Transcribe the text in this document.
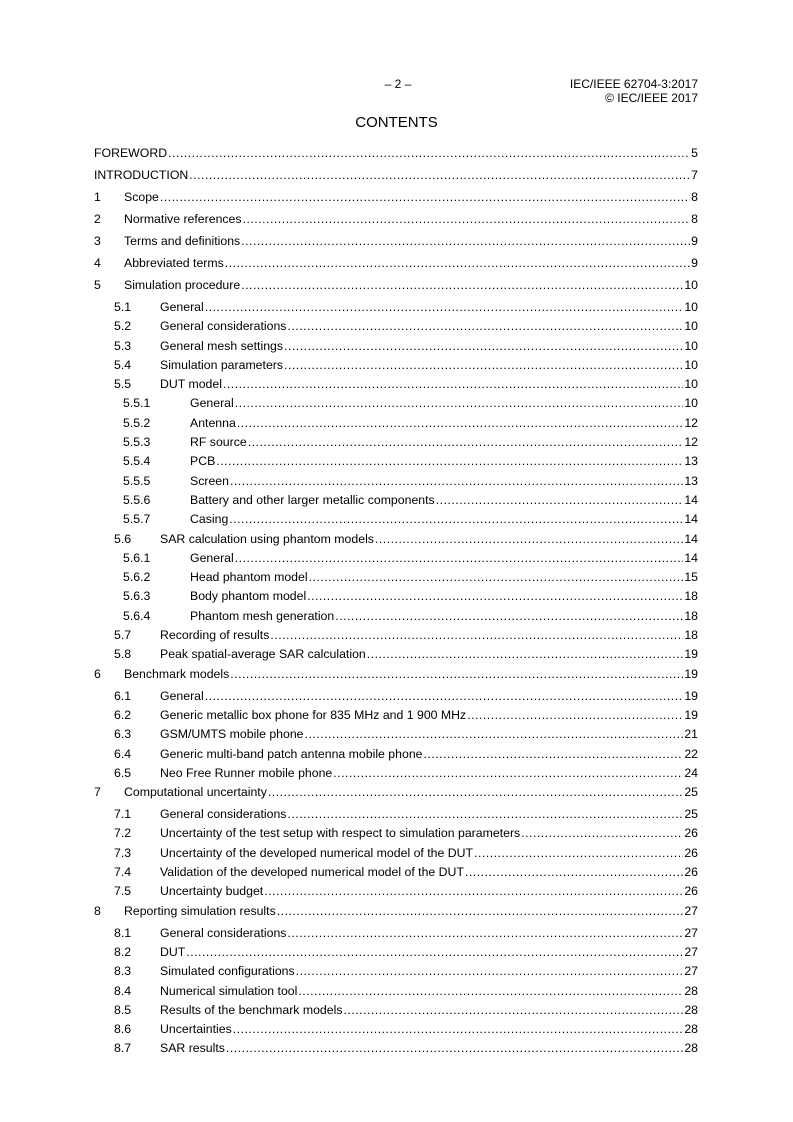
– 2 –	IEC/IEEE 62704-3:2017
© IEC/IEEE 2017
CONTENTS
FOREWORD .....	5
INTRODUCTION .....	7
1	Scope .....	8
2	Normative references .....	8
3	Terms and definitions .....	9
4	Abbreviated terms .....	9
5	Simulation procedure .....	10
5.1	General .....	10
5.2	General considerations .....	10
5.3	General mesh settings .....	10
5.4	Simulation parameters .....	10
5.5	DUT model .....	10
5.5.1	General .....	10
5.5.2	Antenna .....	12
5.5.3	RF source .....	12
5.5.4	PCB .....	13
5.5.5	Screen .....	13
5.5.6	Battery and other larger metallic components .....	14
5.5.7	Casing .....	14
5.6	SAR calculation using phantom models .....	14
5.6.1	General .....	14
5.6.2	Head phantom model .....	15
5.6.3	Body phantom model .....	18
5.6.4	Phantom mesh generation .....	18
5.7	Recording of results .....	18
5.8	Peak spatial-average SAR calculation .....	19
6	Benchmark models .....	19
6.1	General .....	19
6.2	Generic metallic box phone for 835 MHz and 1 900 MHz .....	19
6.3	GSM/UMTS mobile phone .....	21
6.4	Generic multi-band patch antenna mobile phone .....	22
6.5	Neo Free Runner mobile phone .....	24
7	Computational uncertainty .....	25
7.1	General considerations .....	25
7.2	Uncertainty of the test setup with respect to simulation parameters .....	26
7.3	Uncertainty of the developed numerical model of the DUT .....	26
7.4	Validation of the developed numerical model of the DUT .....	26
7.5	Uncertainty budget .....	26
8	Reporting simulation results .....	27
8.1	General considerations .....	27
8.2	DUT .....	27
8.3	Simulated configurations .....	27
8.4	Numerical simulation tool .....	28
8.5	Results of the benchmark models .....	28
8.6	Uncertainties .....	28
8.7	SAR results .....	28
